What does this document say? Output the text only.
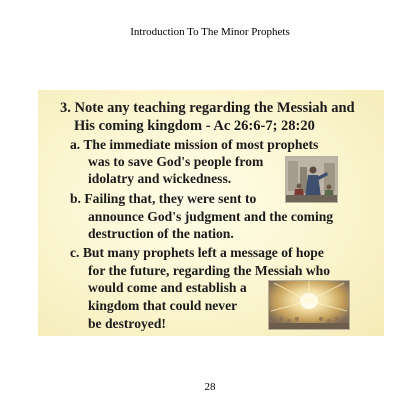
Introduction To The Minor Prophets
3. Note any teaching regarding the Messiah and
His coming kingdom - Ac 26:6-7; 28:20
a. The immediate mission of most prophets
was to save God's people from
idolatry and wickedness.
b. Failing that, they were sent to
announce God's judgment and the coming
destruction of the nation.
c. But many prophets left a message of hope
for the future, regarding the Messiah who
would come and establish a
kingdom that could never
be destroyed!
28
